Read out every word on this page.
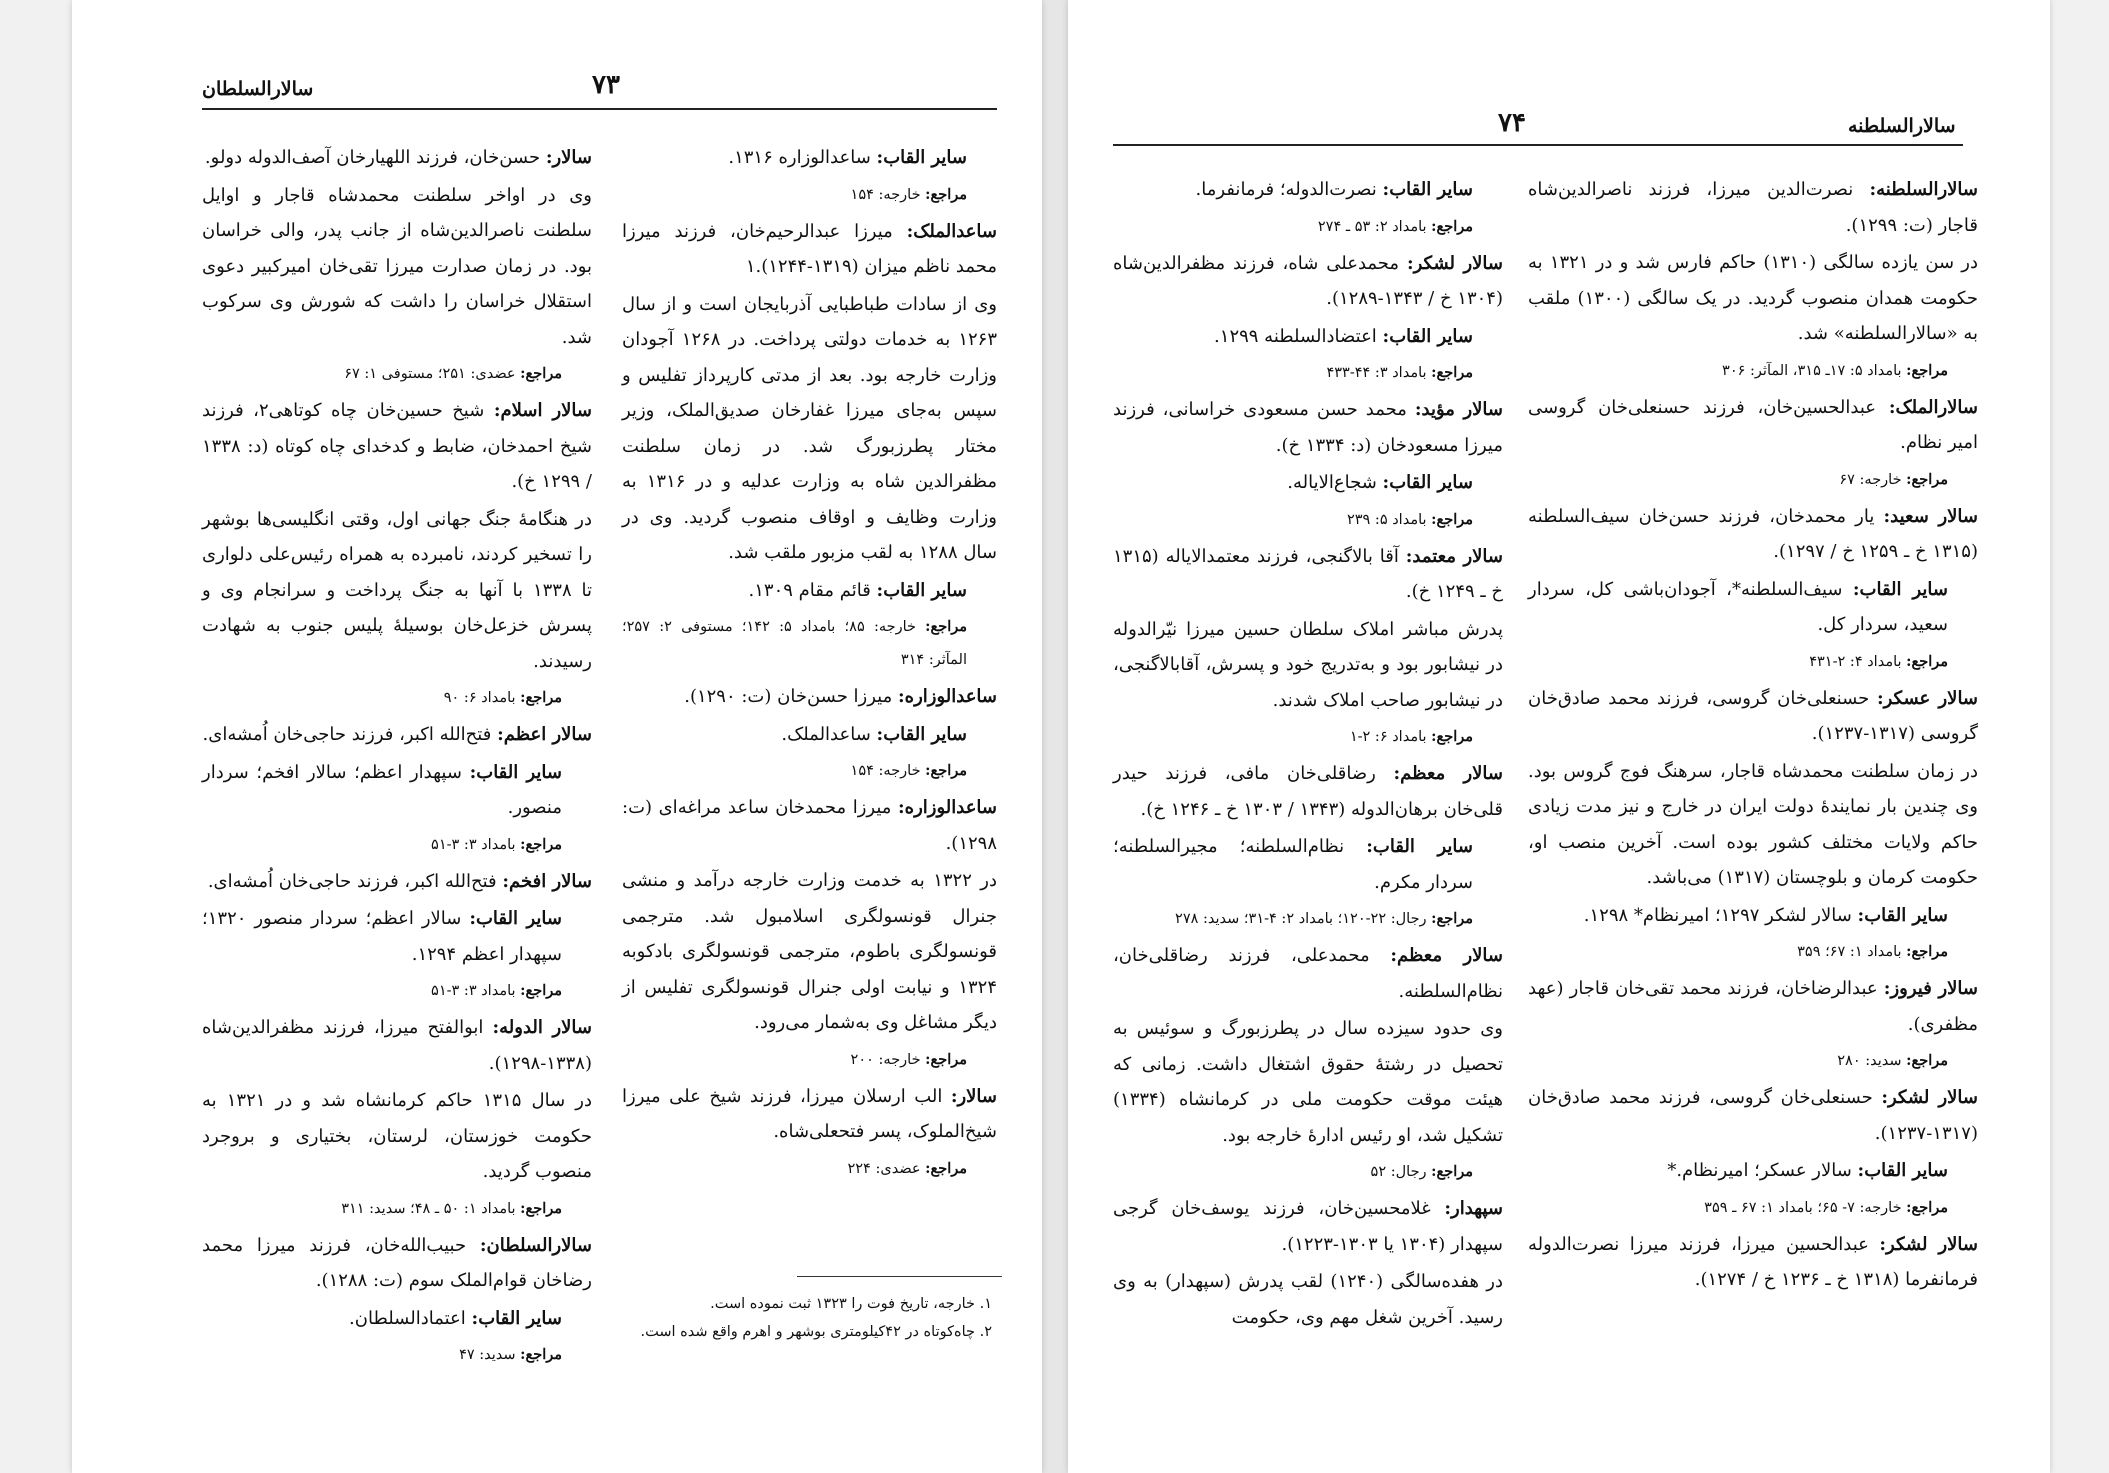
سالارالسلطان	۷۳

سالار: حسن‌خان، فرزند اللهیارخان آصف‌الدوله دولو.

وی در اواخر سلطنت محمدشاه قاجار و اوایل سلطنت ناصرالدین‌شاه از جانب پدر، والی خراسان بود. در زمان صدارت میرزا تقی‌خان امیرکبیر دعوی استقلال خراسان را داشت که شورش وی سرکوب شد.

مراجع: عضدی: ۲۵۱؛ مستوفی ۱: ۶۷

سالار اسلام: شیخ حسین‌خان چاه کوتاهی۲، فرزند شیخ احمدخان، ضابط و کدخدای چاه کوتاه (د: ۱۳۳۸ / ۱۲۹۹ خ).

در هنگامهٔ جنگ جهانی اول، وقتی انگلیسی‌ها بوشهر را تسخیر کردند، نامبرده به همراه رئیس‌علی دلواری تا ۱۳۳۸ با آنها به جنگ پرداخت و سرانجام وی و پسرش خزعل‌خان بوسیلهٔ پلیس جنوب به شهادت رسیدند.

مراجع: بامداد ۶: ۹۰

سالار اعظم: فتح‌الله اکبر، فرزند حاجی‌خان اُمشه‌ای.

سایر القاب: سپهدار اعظم؛ سالار افخم؛ سردار منصور.

مراجع: بامداد ۳: ۳-۵۱

سالار افخم: فتح‌الله اکبر، فرزند حاجی‌خان اُمشه‌ای.

سایر القاب: سالار اعظم؛ سردار منصور ۱۳۲۰؛ سپهدار اعظم ۱۲۹۴.

مراجع: بامداد ۳: ۳-۵۱

سالار الدوله: ابوالفتح میرزا، فرزند مظفرالدین‌شاه (۱۳۳۸-۱۲۹۸).

در سال ۱۳۱۵ حاکم کرمانشاه شد و در ۱۳۲۱ به حکومت خوزستان، لرستان، بختیاری و بروجرد منصوب گردید.

مراجع: بامداد ۱: ۵۰ ـ ۴۸؛ سدید: ۳۱۱

سالارالسلطان: حبیب‌الله‌خان، فرزند میرزا محمد رضاخان قوام‌الملک سوم (ت: ۱۲۸۸).

سایر القاب: اعتمادالسلطان.

مراجع: سدید: ۴۷

سایر القاب: ساعدالوزاره ۱۳۱۶.

مراجع: خارجه: ۱۵۴

ساعدالملک: میرزا عبدالرحیم‌خان، فرزند میرزا محمد ناظم میزان (۱۳۱۹-۱۲۴۴).۱

وی از سادات طباطبایی آذربایجان است و از سال ۱۲۶۳ به خدمات دولتی پرداخت. در ۱۲۶۸ آجودان وزارت خارجه بود. بعد از مدتی کارپرداز تفلیس و سپس به‌جای میرزا غفارخان صدیق‌الملک، وزیر مختار پطرزبورگ شد. در زمان سلطنت مظفرالدین شاه به وزارت عدلیه و در ۱۳۱۶ به وزارت وظایف و اوقاف منصوب گردید. وی در سال ۱۲۸۸ به لقب مزبور ملقب شد.

سایر القاب: قائم مقام ۱۳۰۹.

مراجع: خارجه: ۸۵؛ بامداد ۵: ۱۴۲؛ مستوفی ۲: ۲۵۷؛ المآثر: ۳۱۴

ساعدالوزاره: میرزا حسن‌خان (ت: ۱۲۹۰).

سایر القاب: ساعدالملک.

مراجع: خارجه: ۱۵۴

ساعدالوزاره: میرزا محمدخان ساعد مراغه‌ای (ت: ۱۲۹۸).

در ۱۳۲۲ به خدمت وزارت خارجه درآمد و منشی جنرال قونسولگری اسلامبول شد. مترجمی قونسولگری باطوم، مترجمی قونسولگری بادکوبه ۱۳۲۴ و نیابت اولی جنرال قونسولگری تفلیس از دیگر مشاغل وی به‌شمار می‌رود.

مراجع: خارجه: ۲۰۰

سالار: الب ارسلان میرزا، فرزند شیخ علی میرزا شیخ‌الملوک، پسر فتحعلی‌شاه.

مراجع: عضدی: ۲۲۴

۱. خارجه، تاریخ فوت را ۱۳۲۳ ثبت نموده است.

۲. چاه‌کوتاه در ۴۲کیلومتری بوشهر و اهرم واقع شده است.

سالارالسلطنه
۷۴

سالارالسلطنه: نصرت‌الدین میرزا، فرزند ناصرالدین‌شاه قاجار (ت: ۱۲۹۹).

در سن یازده سالگی (۱۳۱۰) حاکم فارس شد و در ۱۳۲۱ به حکومت همدان منصوب گردید. در یک سالگی (۱۳۰۰) ملقب به «سالارالسلطنه» شد.

مراجع: بامداد ۵: ۱۷ـ ۳۱۵، المآثر: ۳۰۶

سالارالملک: عبدالحسین‌خان، فرزند حسنعلی‌خان گروسی امیر نظام.

مراجع: خارجه: ۶۷

سالار سعید: یار محمدخان، فرزند حسن‌خان سیف‌السلطنه (۱۳۱۵ خ ـ ۱۲۵۹ خ / ۱۲۹۷).

سایر القاب: سیف‌السلطنه*، آجودان‌باشی کل، سردار سعید، سردار کل.

مراجع: بامداد ۴: ۲-۴۳۱

سالار عسکر: حسنعلی‌خان گروسی، فرزند محمد صادق‌خان گروسی (۱۳۱۷-۱۲۳۷).

در زمان سلطنت محمدشاه قاجار، سرهنگ فوج گروس بود. وی چندین بار نمایندهٔ دولت ایران در خارج و نیز مدت زیادی حاکم ولایات مختلف کشور بوده است. آخرین منصب او، حکومت کرمان و بلوچستان (۱۳۱۷) می‌باشد.

سایر القاب: سالار لشکر ۱۲۹۷؛ امیرنظام* ۱۲۹۸.

مراجع: بامداد ۱: ۶۷؛ ۳۵۹

سالار فیروز: عبدالرضاخان، فرزند محمد تقی‌خان قاجار (عهد مظفری).

مراجع: سدید: ۲۸۰

سالار لشکر: حسنعلی‌خان گروسی، فرزند محمد صادق‌خان (۱۳۱۷-۱۲۳۷).

سایر القاب: سالار عسکر؛ امیرنظام.*

مراجع: خارجه: ۷- ۶۵؛ بامداد ۱: ۶۷ ـ ۳۵۹

سالار لشکر: عبدالحسین میرزا، فرزند میرزا نصرت‌الدوله فرمانفرما (۱۳۱۸ خ ـ ۱۲۳۶ خ / ۱۲۷۴).

سایر القاب: نصرت‌الدوله؛ فرمانفرما.

مراجع: بامداد ۲: ۵۳ ـ ۲۷۴

سالار لشکر: محمدعلی شاه، فرزند مظفرالدین‌شاه (۱۳۰۴ خ / ۱۳۴۳-۱۲۸۹).

سایر القاب: اعتضادالسلطنه ۱۲۹۹.

مراجع: بامداد ۳: ۴۴-۴۳۳

سالار مؤید: محمد حسن مسعودی خراسانی، فرزند میرزا مسعودخان (د: ۱۳۳۴ خ).

سایر القاب: شجاع‌الایاله.

مراجع: بامداد ۵: ۲۳۹

سالار معتمد: آقا بالاگنجی، فرزند معتمدالایاله (۱۳۱۵ خ ـ ۱۲۴۹ خ).

پدرش مباشر املاک سلطان حسین میرزا نیّرالدوله در نیشابور بود و به‌تدریج خود و پسرش، آقابالاگنجی، در نیشابور صاحب املاک شدند.

مراجع: بامداد ۶: ۲-۱

سالار معظم: رضاقلی‌خان مافی، فرزند حیدر قلی‌خان برهان‌الدوله (۱۳۴۳ / ۱۳۰۳ خ ـ ۱۲۴۶ خ).

سایر القاب: نظام‌السلطنه؛ مجیرالسلطنه؛ سردار مکرم.

مراجع: رجال: ۲۲-۱۲۰؛ بامداد ۲: ۴-۳۱؛ سدید: ۲۷۸

سالار معظم: محمدعلی، فرزند رضاقلی‌خان، نظام‌السلطنه.

وی حدود سیزده سال در پطرزبورگ و سوئیس به تحصیل در رشتهٔ حقوق اشتغال داشت. زمانی که هیئت موقت حکومت ملی در کرمانشاه (۱۳۳۴) تشکیل شد، او رئیس ادارهٔ خارجه بود.

مراجع: رجال: ۵۲

سپهدار: غلامحسین‌خان، فرزند یوسف‌خان گرجی سپهدار (۱۳۰۴ یا ۱۳۰۳-۱۲۲۳).

در هفده‌سالگی (۱۲۴۰) لقب پدرش (سپهدار) به وی رسید. آخرین شغل مهم وی، حکومت
